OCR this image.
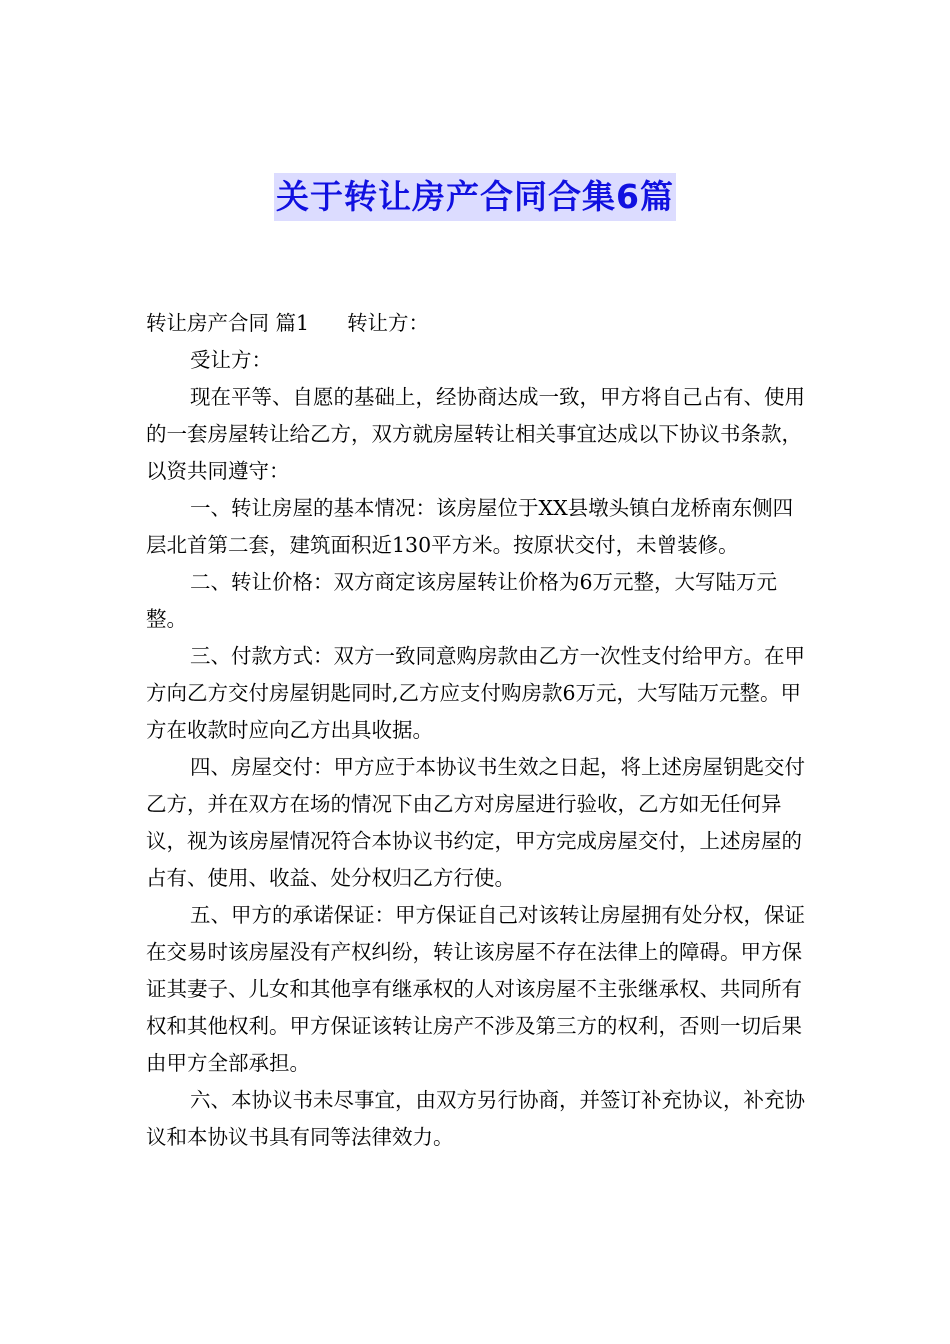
关于转让房产合同合集6篇

转让房产合同 篇1 转让方：

受让方：

现在平等、自愿的基础上，经协商达成一致，甲方将自己占有、使用的一套房屋转让给乙方，双方就房屋转让相关事宜达成以下协议书条款，以资共同遵守：

一、转让房屋的基本情况：该房屋位于XX县墩头镇白龙桥南东侧四层北首第二套，建筑面积近130平方米。按原状交付，未曾装修。

二、转让价格：双方商定该房屋转让价格为6万元整，大写陆万元整。

三、付款方式：双方一致同意购房款由乙方一次性支付给甲方。在甲方向乙方交付房屋钥匙同时,乙方应支付购房款6万元，大写陆万元整。甲方在收款时应向乙方出具收据。

四、房屋交付：甲方应于本协议书生效之日起，将上述房屋钥匙交付乙方，并在双方在场的情况下由乙方对房屋进行验收，乙方如无任何异议，视为该房屋情况符合本协议书约定，甲方完成房屋交付，上述房屋的占有、使用、收益、处分权归乙方行使。

五、甲方的承诺保证：甲方保证自己对该转让房屋拥有处分权，保证在交易时该房屋没有产权纠纷，转让该房屋不存在法律上的障碍。甲方保证其妻子、儿女和其他享有继承权的人对该房屋不主张继承权、共同所有权和其他权利。甲方保证该转让房产不涉及第三方的权利，否则一切后果由甲方全部承担。

六、本协议书未尽事宜，由双方另行协商，并签订补充协议，补充协议和本协议书具有同等法律效力。
